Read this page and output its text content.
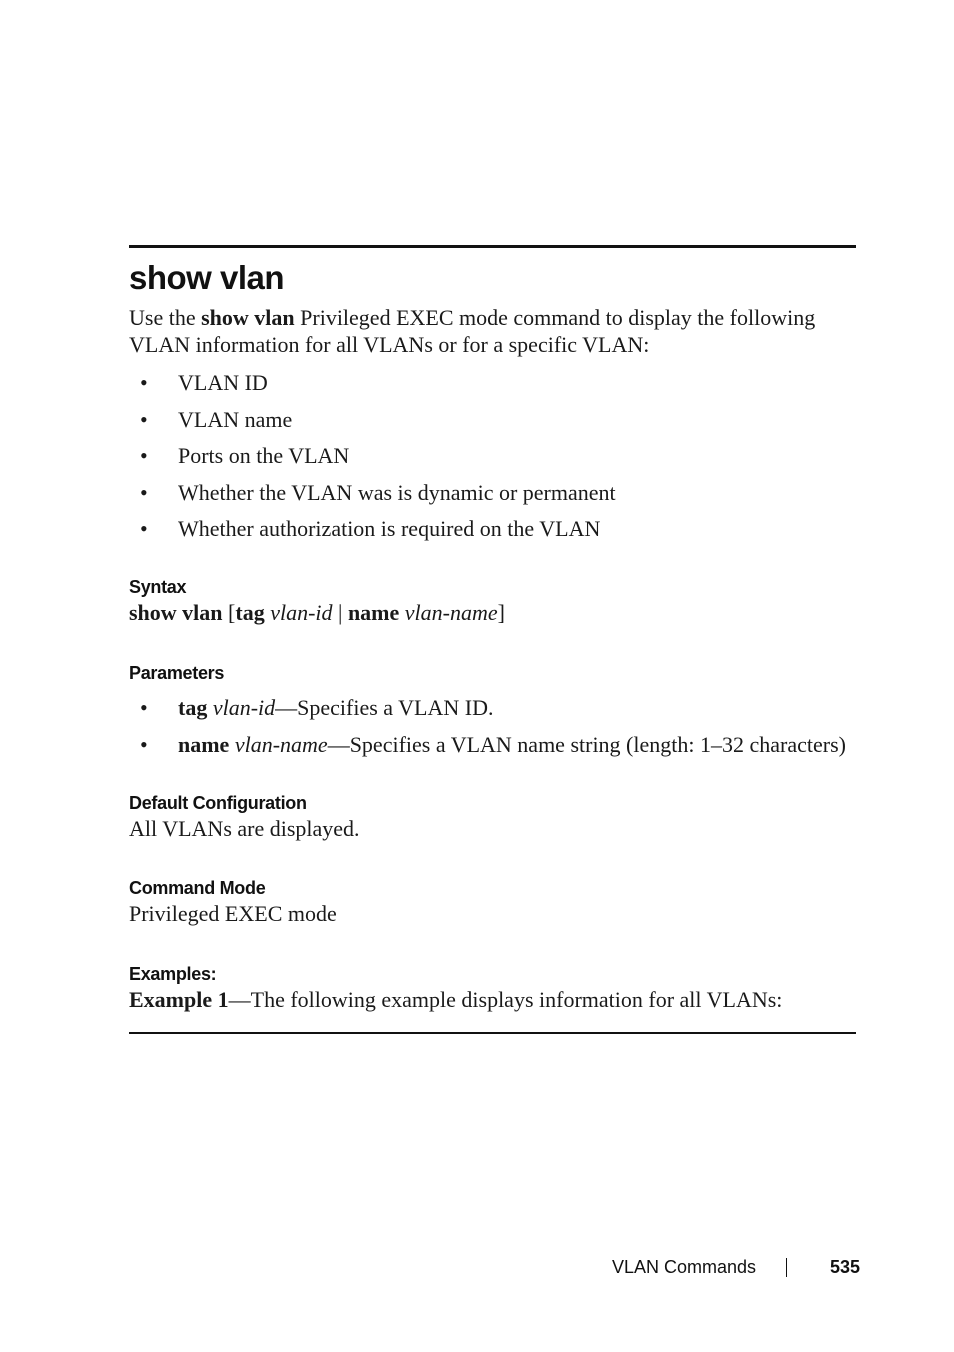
show vlan

Use the show vlan Privileged EXEC mode command to display the following VLAN information for all VLANs or for a specific VLAN:

• VLAN ID
• VLAN name
• Ports on the VLAN
• Whether the VLAN was is dynamic or permanent
• Whether authorization is required on the VLAN
Syntax

show vlan [tag vlan-id | name vlan-name]

Parameters
• tag vlan-id—Specifies a VLAN ID.
• name vlan-name—Specifies a VLAN name string (length: 1–32 characters)
Default Configuration

All VLANs are displayed.

Command Mode

Privileged EXEC mode

Examples:

Example 1—The following example displays information for all VLANs:

VLAN Commands	535
